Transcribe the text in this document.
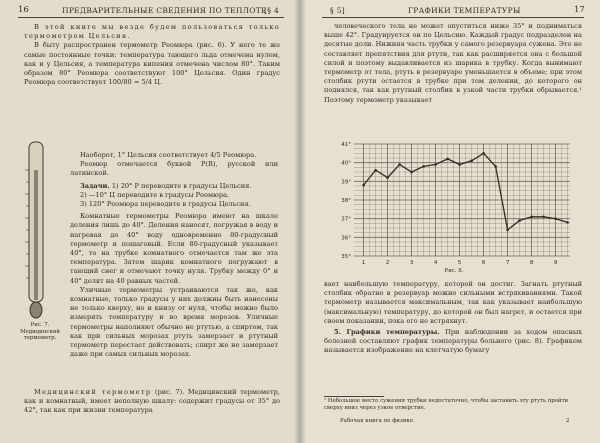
16	ПРЕДВАРИТЕЛЬНЫЕ СВЕДЕНИЯ ПО ТЕПЛОТЕ
[§ 4

В этой книге мы везде будем пользоваться только термометром Цельсия.

В быту распространен термометр Реомюра (рис. 6). У него те же самые постоянные точки: температура тающего льда отмечена нулем, как и у Цельсия, а температура кипения отмечена числом 80°. Таким образом 80° Реомюра соответствуют 100° Цельсия. Один градус Реомюра соответствует 100/80 = 5/4 Ц.

Наоборот, 1° Цельсия соответствует 4/5 Реомюра.

Реомюр отмечается буквой Р(R), русской или латинской.

Задачи. 1) 20° Р переводите в градусы Цельсия.

2) —10° Ц переводите в градусы Реомюра.

3) 120° Реомюра переводите в градусы Цельсия.

Комнатные термометры Реомюра имеют на шкале деления лишь до 40°. Деления наносят, погружая в воду и нагревая до 40° воду одновременно 80-градусный термометр и пошаговый. Если 80-градусный указывает 40°, то на трубке комнатного отмечается там же эта температура. Затем шарик комнатного погружают в тающий снег и отмечают точку нуля. Трубку между 0° и 40° делят на 40 равных частей.

Уличные термометры устраиваются так же, как комнатные, только градусы у них должны быть нанесены не только кверху, но и книзу от нуля, чтобы можно было измерять температуру и во время морозов. Уличные термометры наполняют обычно не ртутью, а спиртом, так как при сильных морозах ртуть замерзает и ртутный термометр перестает действовать; спирт же не замерзает даже при самых сильных морозах.

Медицинский термометр (рис. 7). Медицинский термометр, как и комнатный, имеет неполную шкалу: содержит градусы от 35° до 42°, так как при жизни температура

Рис. 7. Медицинский термометр.
§ 5]	ГРАФИКИ ТЕМПЕРАТУРЫ	17

человеческого тела не может опуститься ниже 35° и подниматься выше 42°. Градуируется он по Цельсию. Каждый градус подразделен на десятые доли. Нижняя часть трубки у самого резервуара сужена. Это не составляет препятствия для ртути, так как расширяется она с большой силой и поэтому выдавливается из шарика в трубку. Когда вынимают термометр от тела, ртуть в резервуаре уменьшается в объеме; при этом столбик ртути остается в трубке при том делении, до которого он поднялся, так как ртутный столбик в узкой части трубки обрывается.¹ Поэтому термометр указывает

41°
40°
39°
38°
37°
36°
35°
1	2	3	4	5	6	7	8	9
Рис. 8.

вает наибольшую температуру, которой он достиг. Загнать ртутный столбик обратно в резервуар можно сильными встряхиваниями. Такой термометр называется максимальным, так как указывает наибольшую (максимальную) температуру, до которой он был нагрет, и остается при своем показании, пока его не встряхнут.

5. Графики температуры. При наблюдении за ходом опасных болезней составляют график температуры больного (рис. 8). Графиком называется изображение на клетчатую бумагу

¹ Небольшое место сужения трубки недостаточно, чтобы заставить эту ртуть пройти сверху вниз через узкое отверстие.
Рабочая книга по физике.	2
